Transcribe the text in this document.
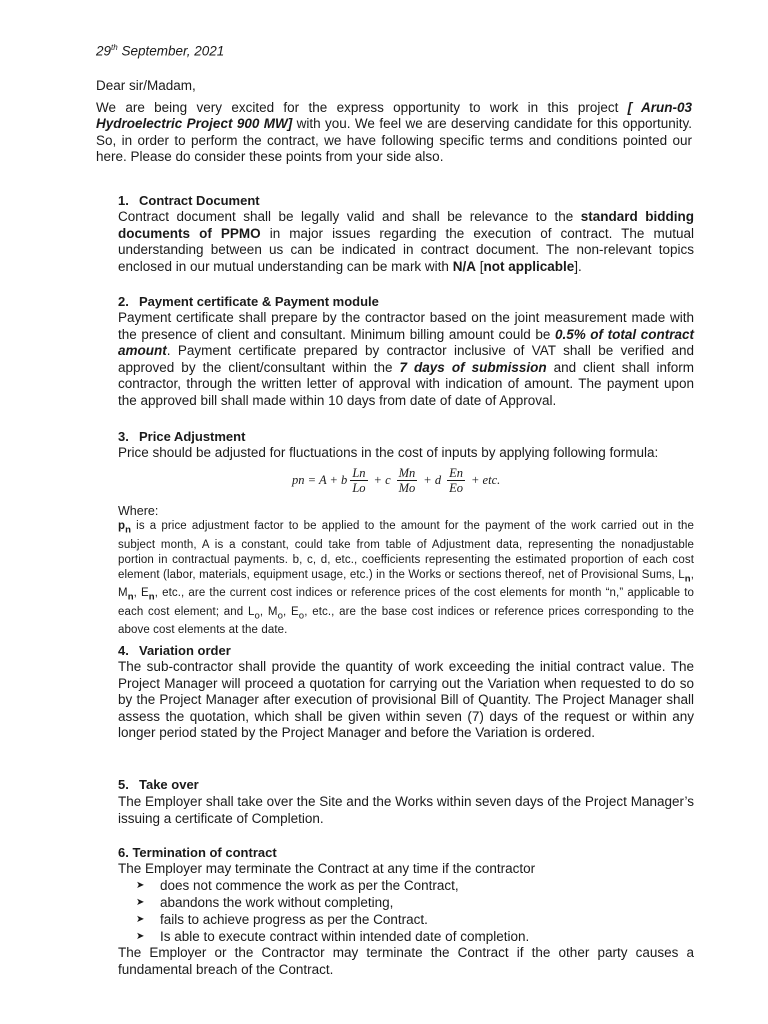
29th September, 2021
Dear sir/Madam,

We are being very excited for the express opportunity to work in this project [ Arun-03 Hydroelectric Project 900 MW] with you. We feel we are deserving candidate for this opportunity. So, in order to perform the contract, we have following specific terms and conditions pointed our here. Please do consider these points from your side also.

1. Contract Document

Contract document shall be legally valid and shall be relevance to the standard bidding documents of PPMO in major issues regarding the execution of contract. The mutual understanding between us can be indicated in contract document. The non-relevant topics enclosed in our mutual understanding can be mark with N/A [not applicable].

2. Payment certificate & Payment module

Payment certificate shall prepare by the contractor based on the joint measurement made with the presence of client and consultant. Minimum billing amount could be 0.5% of total contract amount. Payment certificate prepared by contractor inclusive of VAT shall be verified and approved by the client/consultant within the 7 days of submission and client shall inform contractor, through the written letter of approval with indication of amount. The payment upon the approved bill shall made within 10 days from date of date of Approval.

3. Price Adjustment

Price should be adjusted for fluctuations in the cost of inputs by applying following formula:

pn = A + b $\frac{Ln}{Lo} + c \frac{Mn}{Mo} + d \frac{En}{Eo}$ + etc.
Where:

$p_n$ is a price adjustment factor to be applied to the amount for the payment of the work carried out in the subject month, A is a constant, could take from table of Adjustment data, representing the nonadjustable portion in contractual payments. b, c, d, etc., coefficients representing the estimated proportion of each cost element (labor, materials, equipment usage, etc.) in the Works or sections thereof, net of Provisional Sums, $L_n$, $M_n$, $E_n$, etc., are the current cost indices or reference prices of the cost elements for month “n,” applicable to each cost element; and $L_o$, $M_o$, $E_o$, etc., are the base cost indices or reference prices corresponding to the above cost elements at the date.

4. Variation order

The sub-contractor shall provide the quantity of work exceeding the initial contract value. The Project Manager will proceed a quotation for carrying out the Variation when requested to do so by the Project Manager after execution of provisional Bill of Quantity. The Project Manager shall assess the quotation, which shall be given within seven (7) days of the request or within any longer period stated by the Project Manager and before the Variation is ordered.

5. Take over

The Employer shall take over the Site and the Works within seven days of the Project Manager’s issuing a certificate of Completion.

6. Termination of contract

The Employer may terminate the Contract at any time if the contractor

➤	does not commence the work as per the Contract,
➤	abandons the work without completing,
➤	fails to achieve progress as per the Contract.
➤	Is able to execute contract within intended date of completion.

The Employer or the Contractor may terminate the Contract if the other party causes a fundamental breach of the Contract.
